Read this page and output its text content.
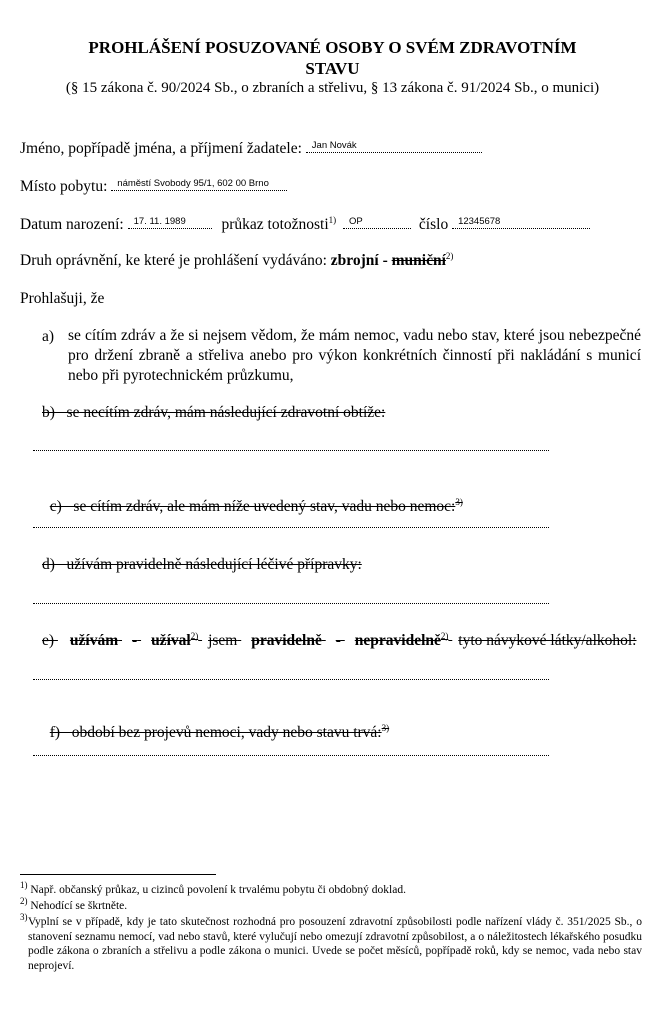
PROHLÁŠENÍ POSUZOVANÉ OSOBY O SVÉM ZDRAVOTNÍM
STAVU
(§ 15 zákona č. 90/2024 Sb., o zbraních a střelivu, § 13 zákona č. 91/2024 Sb., o munici)
Jméno, popřípadě jména, a příjmení žadatele: Jan Novák
Místo pobytu: náměstí Svobody 95/1, 602 00 Brno
Datum narození: 17. 11. 1989 průkaz totožnosti$^{1)}$ OP	číslo 12345678
Druh oprávnění, ke které je prohlášení vydáváno: zbrojní - muniční$^{2)}$
Prohlašuji, že
a) se cítím zdráv a že si nejsem vědom, že mám nemoc, vadu nebo stav, které jsou nebezpečné pro držení zbraně a střeliva anebo pro výkon konkrétních činností při nakládání s municí nebo při pyrotechnickém průzkumu,
b)   se necítím zdráv, mám následující zdravotní obtíže:

c)   se cítím zdráv, ale mám níže uvedený stav, vadu nebo nemoc:$^{3)}$

d)   užívám pravidelně následující léčivé přípravky:
e) užívám - užíval$^{2)}$ jsem pravidelně - nepravidelně$^{2)}$ tyto návykové látky/alkohol:

f)   období bez projevů nemoci, vady nebo stavu trvá:$^{3)}$

$^{1)}$ Např. občanský průkaz, u cizinců povolení k trvalému pobytu či obdobný doklad.
$^{2)}$ Nehodící se škrtněte.
$^{3)}$ Vyplní se v případě, kdy je tato skutečnost rozhodná pro posouzení zdravotní způsobilosti podle nařízení vlády č. 351/2025 Sb., o stanovení seznamu nemocí, vad nebo stavů, které vylučují nebo omezují zdravotní způsobilost, a o náležitostech lékařského posudku podle zákona o zbraních a střelivu a podle zákona o munici. Uvede se počet měsíců, popřípadě roků, kdy se nemoc, vada nebo stav neprojeví.
